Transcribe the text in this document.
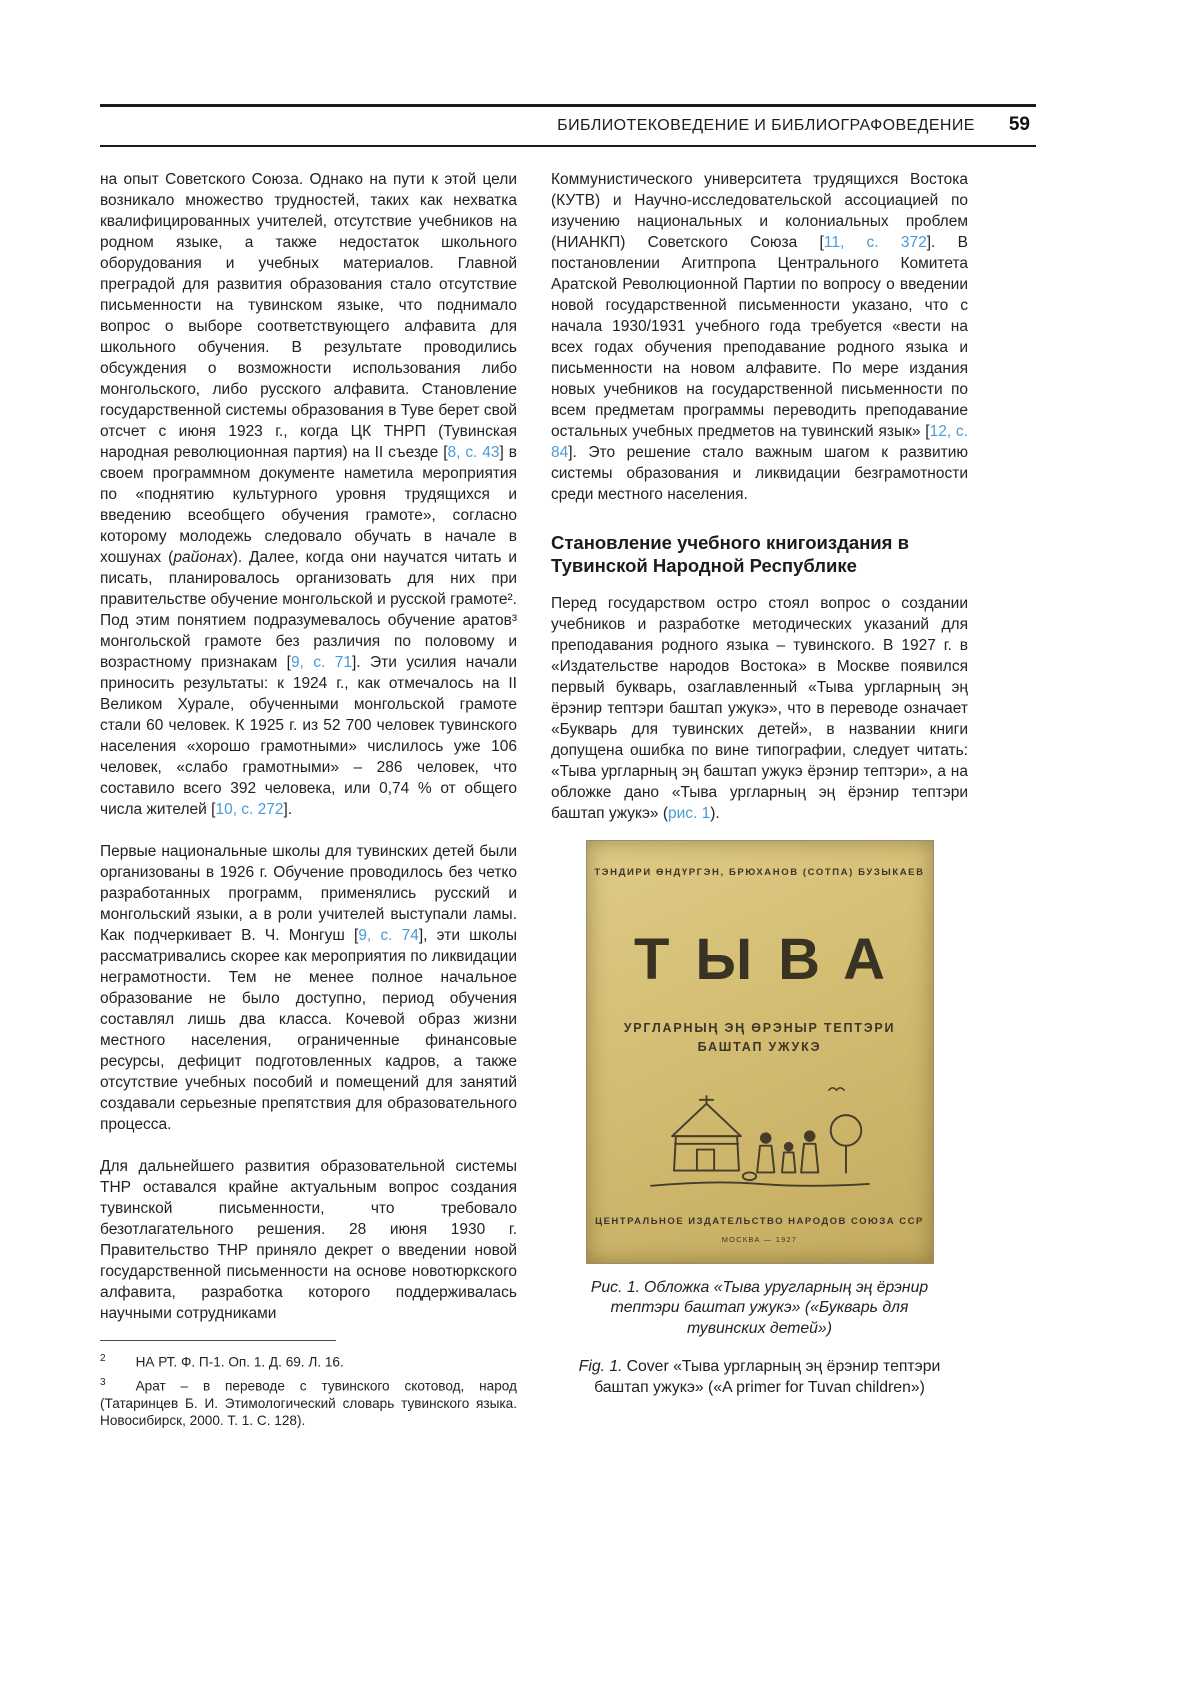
БИБЛИОТЕКОВЕДЕНИЕ И БИБЛИОГРАФОВЕДЕНИЕ 59

на опыт Советского Союза. Однако на пути к этой цели возникало множество трудностей, таких как нехватка квалифицированных учителей, отсутствие учебников на родном языке, а также недостаток школьного оборудования и учебных материалов. Главной преградой для развития образования стало отсутствие письменности на тувинском языке, что поднимало вопрос о выборе соответствующего алфавита для школьного обучения. В результате проводились обсуждения о возможности использования либо монгольского, либо русского алфавита. Становление государственной системы образования в Туве берет свой отсчет с июня 1923 г., когда ЦК ТНРП (Тувинская народная революционная партия) на II съезде [8, с. 43] в своем программном документе наметила мероприятия по «поднятию культурного уровня трудящихся и введению всеобщего обучения грамоте», согласно которому молодежь следовало обучать в начале в хошунах (районах). Далее, когда они научатся читать и писать, планировалось организовать для них при правительстве обучение монгольской и русской грамоте². Под этим понятием подразумевалось обучение аратов³ монгольской грамоте без различия по половому и возрастному признакам [9, с. 71]. Эти усилия начали приносить результаты: к 1924 г., как отмечалось на II Великом Хурале, обученными монгольской грамоте стали 60 человек. К 1925 г. из 52 700 человек тувинского населения «хорошо грамотными» числилось уже 106 человек, «слабо грамотными» – 286 человек, что составило всего 392 человека, или 0,74 % от общего числа жителей [10, с. 272].

Первые национальные школы для тувинских детей были организованы в 1926 г. Обучение проводилось без четко разработанных программ, применялись русский и монгольский языки, а в роли учителей выступали ламы. Как подчеркивает В. Ч. Монгуш [9, с. 74], эти школы рассматривались скорее как мероприятия по ликвидации неграмотности. Тем не менее полное начальное образование не было доступно, период обучения составлял лишь два класса. Кочевой образ жизни местного населения, ограниченные финансовые ресурсы, дефицит подготовленных кадров, а также отсутствие учебных пособий и помещений для занятий создавали серьезные препятствия для образовательного процесса.

Для дальнейшего развития образовательной системы ТНР оставался крайне актуальным вопрос создания тувинской письменности, что требовало безотлагательного решения. 28 июня 1930 г. Правительство ТНР приняло декрет о введении новой государственной письменности на основе новотюркского алфавита, разработка которого поддерживалась научными сотрудниками

$^2$ НА РТ. Ф. П-1. Оп. 1. Д. 69. Л. 16.

$^3$ Арат – в переводе с тувинского скотовод, народ (Татаринцев Б. И. Этимологический словарь тувинского языка. Новосибирск, 2000. Т. 1. С. 128).

Коммунистического университета трудящихся Востока (КУТВ) и Научно-исследовательской ассоциацией по изучению национальных и колониальных проблем (НИАНКП) Советского Союза [11, с. 372]. В постановлении Агитпропа Центрального Комитета Аратской Революционной Партии по вопросу о введении новой государственной письменности указано, что с начала 1930/1931 учебного года требуется «вести на всех годах обучения преподавание родного языка и письменности на новом алфавите. По мере издания новых учебников на государственной письменности по всем предметам программы переводить преподавание остальных учебных предметов на тувинский язык» [12, с. 84]. Это решение стало важным шагом к развитию системы образования и ликвидации безграмотности среди местного населения.

Становление учебного книгоиздания в Тувинской Народной Республике

Перед государством остро стоял вопрос о создании учебников и разработке методических указаний для преподавания родного языка – тувинского. В 1927 г. в «Издательстве народов Востока» в Москве появился первый букварь, озаглавленный «Тыва ургларның эң ёрэнир тептэри баштап ужукэ», что в переводе означает «Букварь для тувинских детей», в названии книги допущена ошибка по вине типографии, следует читать: «Тыва ургларның эң баштап ужукэ ёрэнир тептэри», а на обложке дано «Тыва ургларның эң ёрэнир тептэри баштап ужукэ» (рис. 1).

ТЭНДИРИ ӨНДҮРГЭН, БРЮХАНОВ (СОТПА) БУЗЫКАЕВ
ТЫВА
УРГЛАРНЫҢ ЭҢ ӨРЭНЫР ТЕПТЭРИ
БАШТАП УЖУКЭ
ЦЕНТРАЛЬНОЕ ИЗДАТЕЛЬСТВО НАРОДОВ СОЮЗА ССР
МОСКВА — 1927

Рис. 1. Обложка «Тыва уругларның эң ёрэнир тептэри баштап ужукэ» («Букварь для тувинских детей»)

Fig. 1. Cover «Тыва ургларның эң ёрэнир тептэри баштап ужукэ» («A primer for Tuvan children»)
